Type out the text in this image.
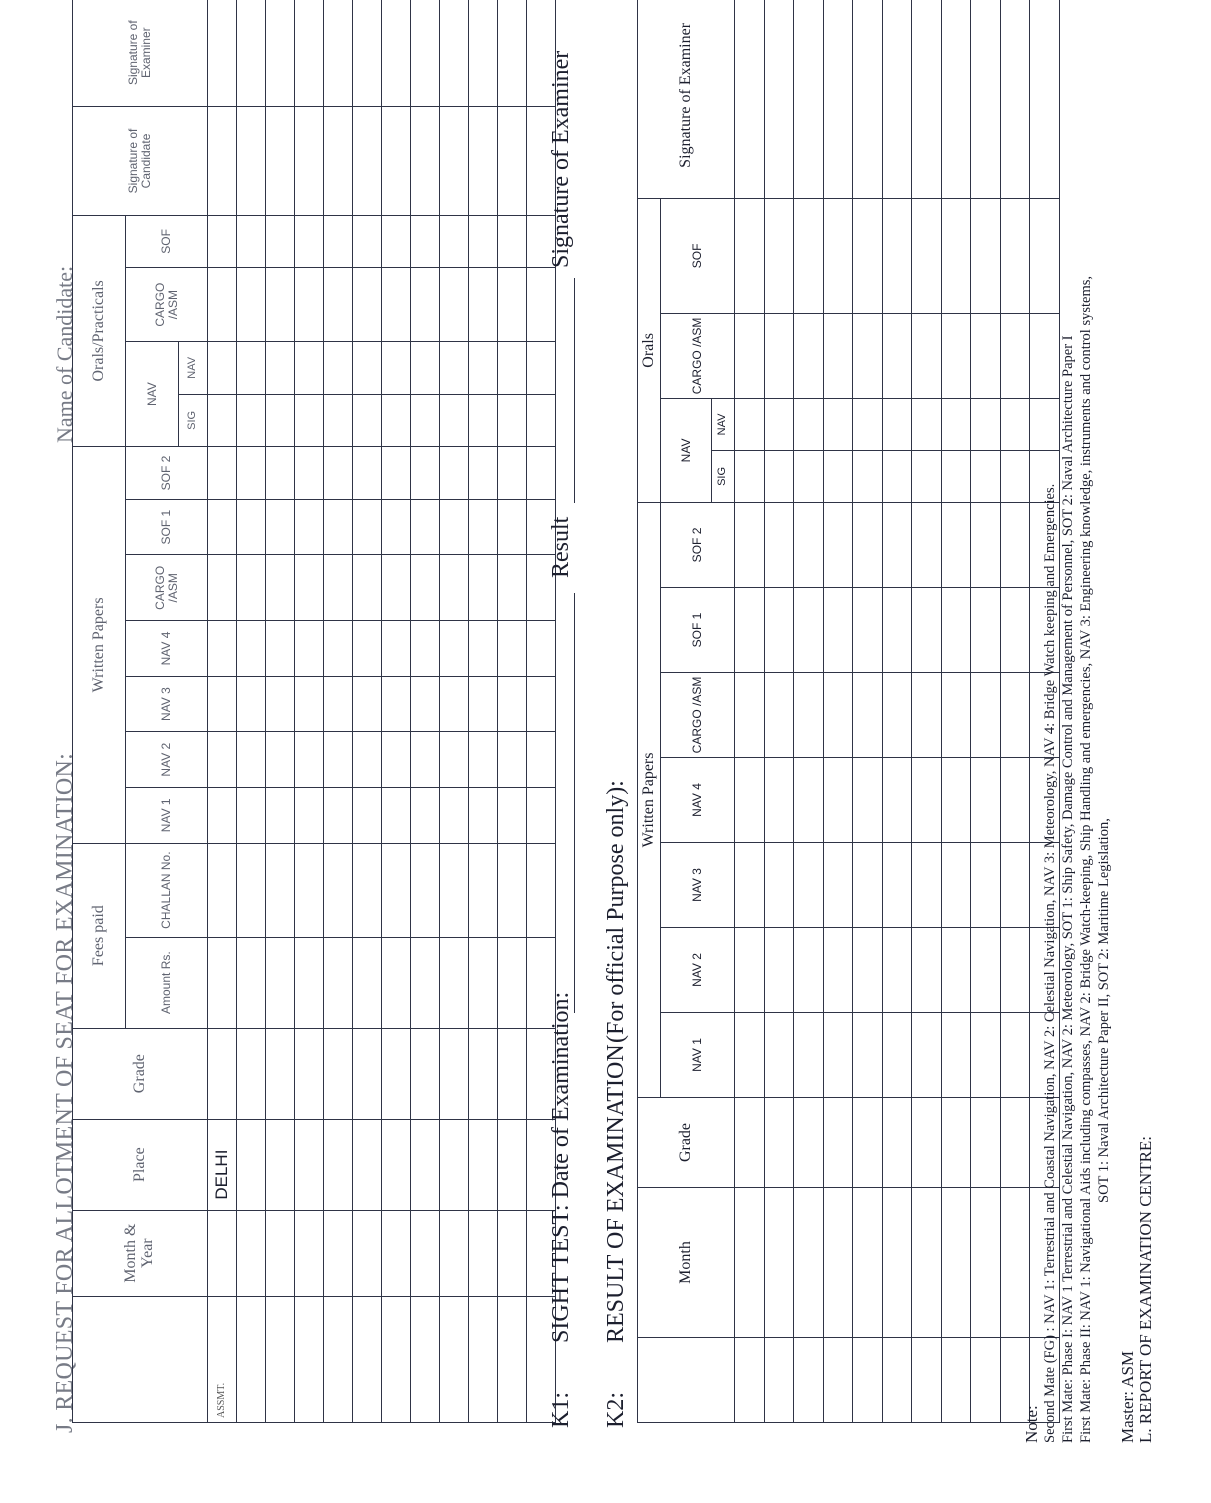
J. REQUEST FOR ALLOTMENT OF SEAT FOR EXAMINATION:
Name of Candidate:
	Month & Year	Place	Grade	Fees paid		Written Papers							Orals/Practicals				Signature of Candidate	Signature of Examiner
				Amount Rs.	CHALLAN No.	NAV 1	NAV 2	NAV 3	NAV 4	CARGO /ASM	SOF 1	SOF 2	NAV		CARGO /ASM	SOF		
													SIG	NAV				
ASSMT.		DELHI																

K1:
SIGHT TEST: Date of Examination:
Result
Signature of Examiner
K2:
RESULT OF EXAMINATION
(For official Purpose only):
	Month	Grade	Written Papers							Orals				Signature of Examiner
			NAV 1	NAV 2	NAV 3	NAV 4	CARGO /ASM	SOF 1	SOF 2	NAV		CARGO /ASM	SOF	
										SIG	NAV			

Note: Second Mate (FG) : NAV 1: Terrestrial and Coastal Navigation, NAV 2: Celestial Navigation, NAV 3: Meteorology, NAV 4: Bridge Watch keeping and Emergencies. First Mate: Phase I: NAV 1 Terrestrial and Celestial Navigation, NAV 2: Meteorology, SOT 1: Ship Safety, Damage Control and Management of Personnel, SOT 2: Naval Architecture Paper I First Mate: Phase II: NAV 1: Navigational Aids including compasses, NAV 2: Bridge Watch-keeping, Ship Handling and emergencies, NAV 3: Engineering knowledge, instruments and control systems, SOT 1: Naval Architecture Paper II, SOT 2: Maritime Legislation,
Master: ASM L. REPORT OF EXAMINATION CENTRE:
